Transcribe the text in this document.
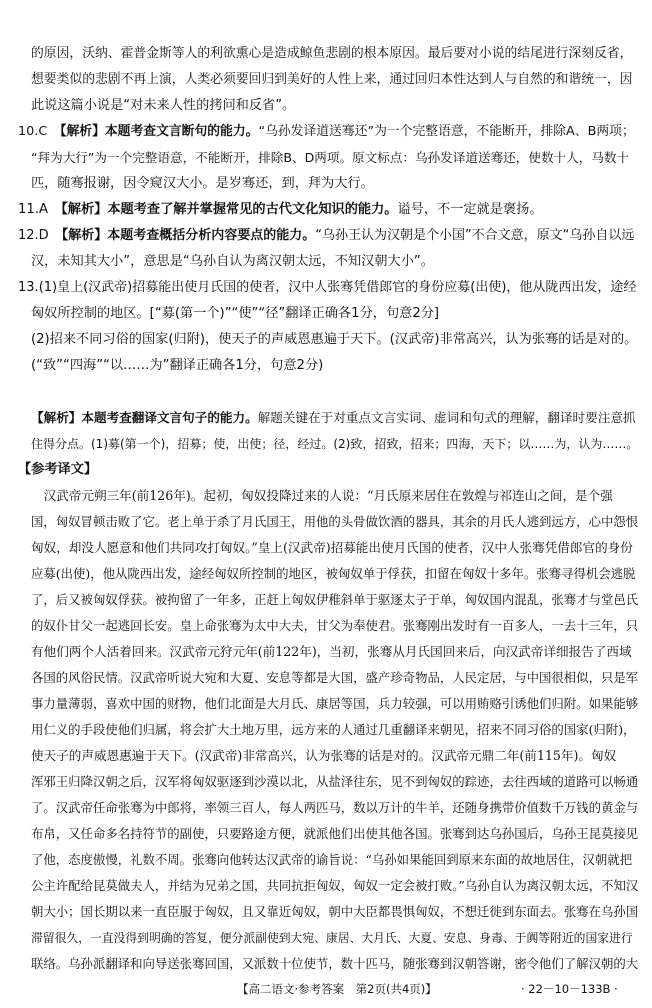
的原因，沃纳、霍普金斯等人的利欲熏心是造成鲸鱼悲剧的根本原因。最后要对小说的结尾进行深刻反省，
想要类似的悲剧不再上演，人类必须要回归到美好的人性上来，通过回归本性达到人与自然的和谐统一，因
此说这篇小说是“对未来人性的拷问和反省”。
10.C　【解析】本题考查文言断句的能力。“乌孙发译道送骞还”为一个完整语意，不能断开，排除A、B两项；
“拜为大行”为一个完整语意，不能断开，排除B、D两项。原文标点：乌孙发译道送骞还，使数十人，马数十
匹，随骞报谢，因令窥汉大小。是岁骞还，到，拜为大行。
11.A　【解析】本题考查了解并掌握常见的古代文化知识的能力。谥号，不一定就是褒扬。
12.D　【解析】本题考查概括分析内容要点的能力。“乌孙王认为汉朝是个小国”不合文意，原文“乌孙自以远
汉，未知其大小”，意思是“乌孙自认为离汉朝太远，不知汉朝大小”。
13.(1)皇上(汉武帝)招募能出使月氏国的使者，汉中人张骞凭借郎官的身份应募(出使)，他从陇西出发，途经
匈奴所控制的地区。[“募(第一个)”“使”“径”翻译正确各1分，句意2分]
(2)招来不同习俗的国家(归附)，使天子的声威恩惠遍于天下。(汉武帝)非常高兴，认为张骞的话是对的。
(“致”“四海”“以……为”翻译正确各1分，句意2分)
【解析】本题考查翻译文言句子的能力。解题关键在于对重点文言实词、虚词和句式的理解，翻译时要注意抓
住得分点。(1)募(第一个)，招募；使，出使；径，经过。(2)致，招致，招来；四海，天下；以……为，认为……。
【参考译文】
　汉武帝元朔三年(前126年)。起初，匈奴投降过来的人说：“月氏原来居住在敦煌与祁连山之间，是个强
国，匈奴冒顿击败了它。老上单于杀了月氏国王，用他的头骨做饮酒的器具，其余的月氏人逃到远方，心中怨恨
匈奴，却没人愿意和他们共同攻打匈奴。”皇上(汉武帝)招募能出使月氏国的使者，汉中人张骞凭借郎官的身份
应募(出使)，他从陇西出发，途经匈奴所控制的地区，被匈奴单于俘获，扣留在匈奴十多年。张骞寻得机会逃脱
了，后又被匈奴俘获。被拘留了一年多，正赶上匈奴伊稚斜单于驱逐太子于单，匈奴国内混乱，张骞才与堂邑氏
的奴仆甘父一起逃回长安。皇上命张骞为太中大夫，甘父为奉使君。张骞刚出发时有一百多人，一去十三年，只
有他们两个人活着回来。汉武帝元狩元年(前122年)，当初，张骞从月氏国回来后，向汉武帝详细报告了西域
各国的风俗民情。汉武帝听说大宛和大夏、安息等都是大国，盛产珍奇物品，人民定居，与中国很相似，只是军
事力量薄弱，喜欢中国的财物，他们北面是大月氏、康居等国，兵力较强，可以用贿赂引诱他们归附。如果能够
用仁义的手段使他们归属，将会扩大土地万里，远方来的人通过几重翻译来朝见，招来不同习俗的国家(归附)，
使天子的声威恩惠遍于天下。(汉武帝)非常高兴，认为张骞的话是对的。汉武帝元鼎二年(前115年)。匈奴
浑邪王归降汉朝之后，汉军将匈奴驱逐到沙漠以北，从盐泽往东，见不到匈奴的踪迹，去往西域的道路可以畅通
了。汉武帝任命张骞为中郎将，率领三百人，每人两匹马，数以万计的牛羊，还随身携带价值数千万钱的黄金与
布帛，又任命多名持符节的副使，只要路途方便，就派他们出使其他各国。张骞到达乌孙国后，乌孙王昆莫接见
了他，态度傲慢，礼数不周。张骞向他转达汉武帝的谕旨说：“乌孙如果能回到原来东面的故地居住，汉朝就把
公主许配给昆莫做夫人，并结为兄弟之国，共同抗拒匈奴，匈奴一定会被打败。”乌孙自认为离汉朝太远，不知汉
朝大小；国长期以来一直臣服于匈奴，且又靠近匈奴，朝中大臣都畏惧匈奴，不想迁徙到东面去。张骞在乌孙国
滞留很久，一直没得到明确的答复，便分派副使到大宛、康居、大月氏、大夏、安息、身毒、于阗等附近的国家进行
联络。乌孙派翻译和向导送张骞回国，又派数十位使节，数十匹马，随张骞到汉朝答谢，密令他们了解汉朝的大
【高二语文·参考答案　第2页(共4页)】	· 22－10－133B ·
